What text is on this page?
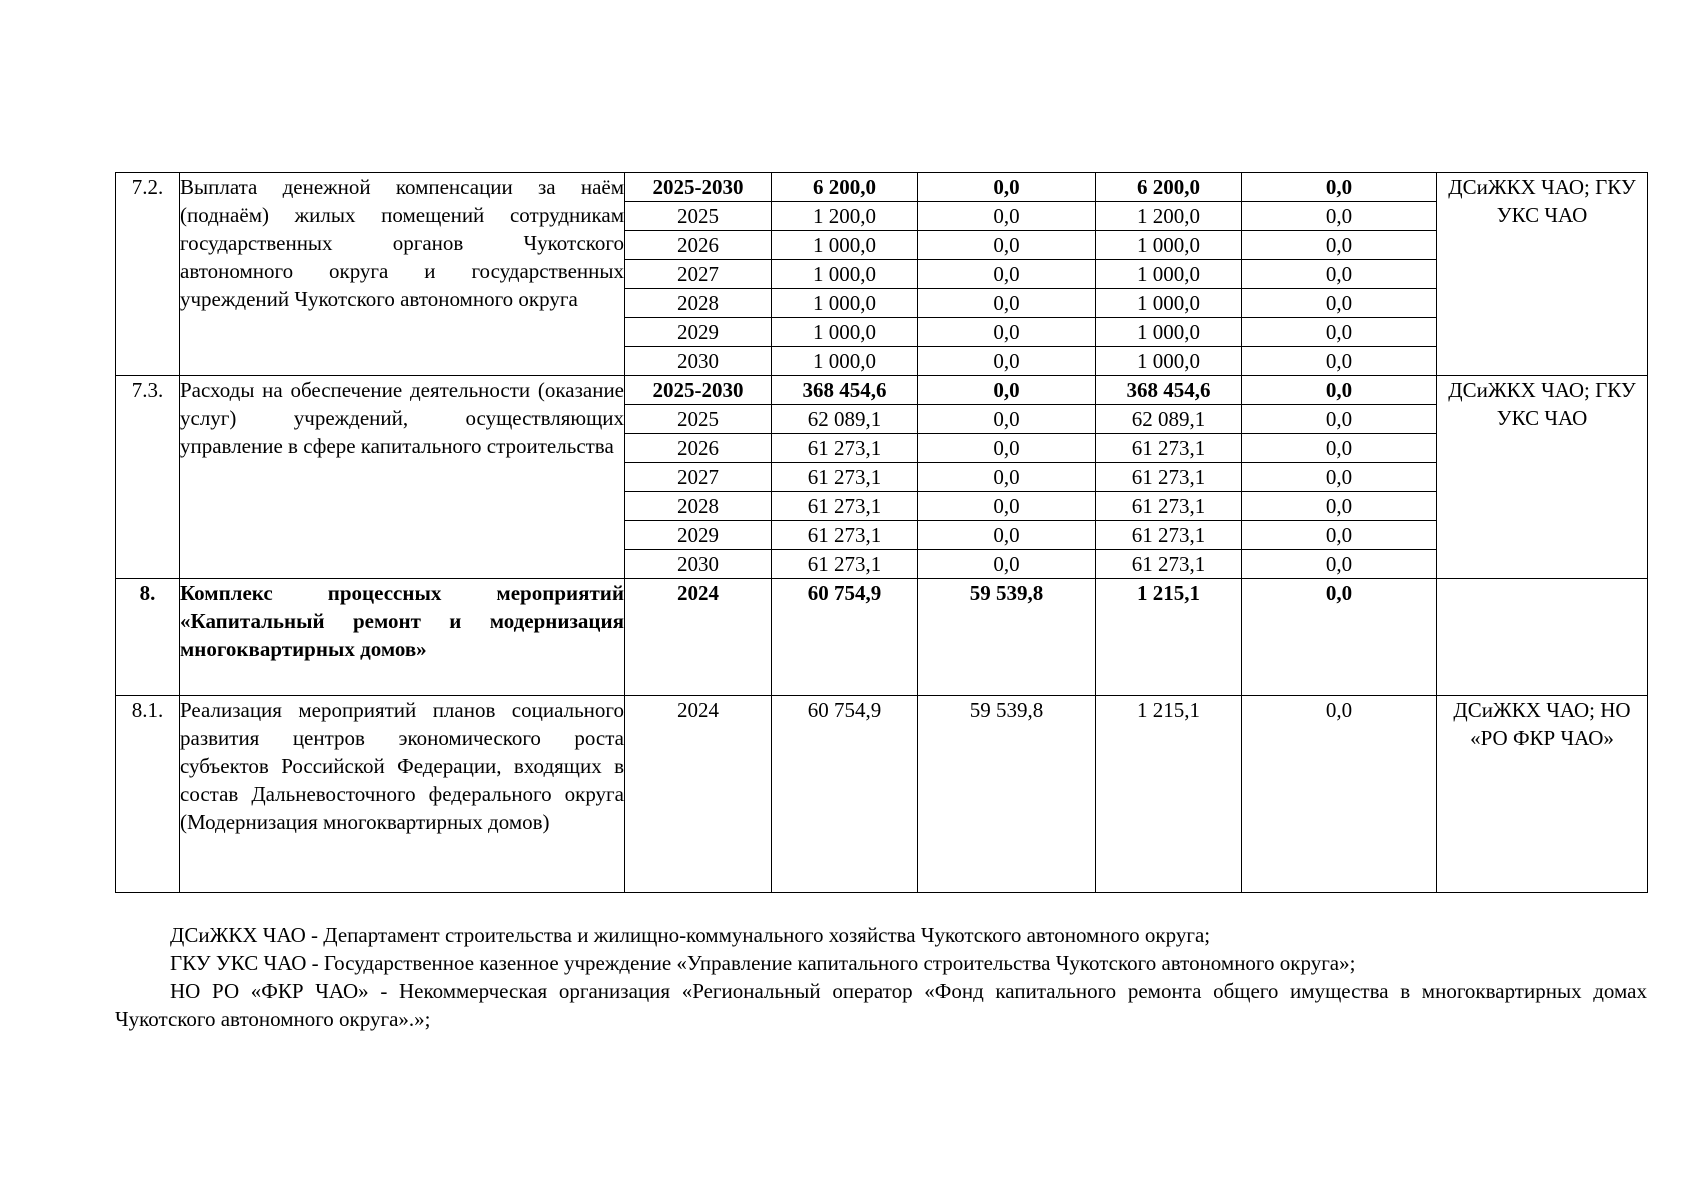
7.2.	Выплата денежной компенсации за наём (поднаём) жилых помещений сотрудникам государственных органов Чукотского автономного округа и государственных учреждений Чукотского автономного округа	2025-2030	6 200,0	0,0	6 200,0	0,0	ДСиЖКХ ЧАО; ГКУ УКС ЧАО
		2025	1 200,0	0,0	1 200,0	0,0	
		2026	1 000,0	0,0	1 000,0	0,0	
		2027	1 000,0	0,0	1 000,0	0,0	
		2028	1 000,0	0,0	1 000,0	0,0	
		2029	1 000,0	0,0	1 000,0	0,0	
		2030	1 000,0	0,0	1 000,0	0,0	
7.3.	Расходы на обеспечение деятельности (оказание услуг) учреждений, осуществляющих управление в сфере капитального строительства	2025-2030	368 454,6	0,0	368 454,6	0,0	ДСиЖКХ ЧАО; ГКУ УКС ЧАО
		2025	62 089,1	0,0	62 089,1	0,0	
		2026	61 273,1	0,0	61 273,1	0,0	
		2027	61 273,1	0,0	61 273,1	0,0	
		2028	61 273,1	0,0	61 273,1	0,0	
		2029	61 273,1	0,0	61 273,1	0,0	
		2030	61 273,1	0,0	61 273,1	0,0	
8.	Комплекс процессных мероприятий «Капитальный ремонт и модернизация многоквартирных домов»	2024	60 754,9	59 539,8	1 215,1	0,0	
8.1.	Реализация мероприятий планов социального развития центров экономического роста субъектов Российской Федерации, входящих в состав Дальневосточного федерального округа (Модернизация многоквартирных домов)	2024	60 754,9	59 539,8	1 215,1	0,0	ДСиЖКХ ЧАО; НО «РО ФКР ЧАО»

ДСиЖКХ ЧАО - Департамент строительства и жилищно-коммунального хозяйства Чукотского автономного округа;

ГКУ УКС ЧАО - Государственное казенное учреждение «Управление капитального строительства Чукотского автономного округа»;

НО РО «ФКР ЧАО» - Некоммерческая организация «Региональный оператор «Фонд капитального ремонта общего имущества в многоквартирных домах Чукотского автономного округа».»;
